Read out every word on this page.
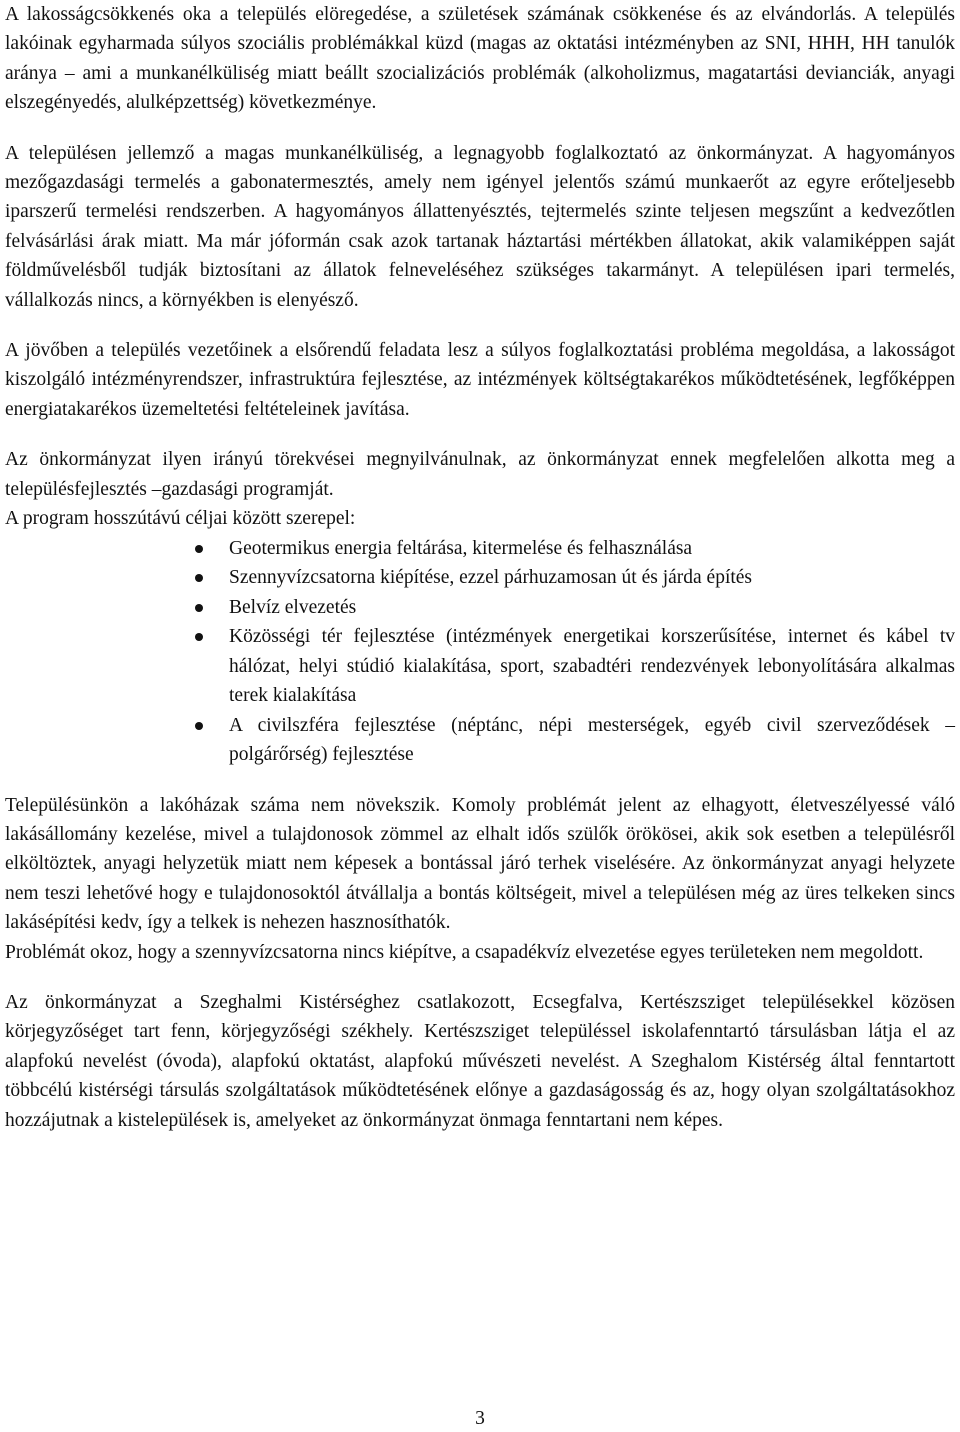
A lakosságcsökkenés oka a település elöregedése, a születések számának csökkenése és az elvándorlás. A település lakóinak egyharmada súlyos szociális problémákkal küzd (magas az oktatási intézményben az SNI, HHH, HH tanulók aránya – ami a munkanélküliség miatt beállt szocializációs problémák (alkoholizmus, magatartási devianciák, anyagi elszegényedés, alulképzettség) következménye.

A településen jellemző a magas munkanélküliség, a legnagyobb foglalkoztató az önkormányzat. A hagyományos mezőgazdasági termelés a gabonatermesztés, amely nem igényel jelentős számú munkaerőt az egyre erőteljesebb iparszerű termelési rendszerben. A hagyományos állattenyésztés, tejtermelés szinte teljesen megszűnt a kedvezőtlen felvásárlási árak miatt. Ma már jóformán csak azok tartanak háztartási mértékben állatokat, akik valamiképpen saját földművelésből tudják biztosítani az állatok felneveléséhez szükséges takarmányt. A településen ipari termelés, vállalkozás nincs, a környékben is elenyésző.

A jövőben a település vezetőinek a elsőrendű feladata lesz a súlyos foglalkoztatási probléma megoldása, a lakosságot kiszolgáló intézményrendszer, infrastruktúra fejlesztése, az intézmények költségtakarékos működtetésének, legfőképpen energiatakarékos üzemeltetési feltételeinek javítása.

Az önkormányzat ilyen irányú törekvései megnyilvánulnak, az önkormányzat ennek megfelelően alkotta meg a településfejlesztés –gazdasági programját.

A program hosszútávú céljai között szerepel:

Geotermikus energia feltárása, kitermelése és felhasználása
Szennyvízcsatorna kiépítése, ezzel párhuzamosan út és járda építés
Belvíz elvezetés
Közösségi tér fejlesztése (intézmények energetikai korszerűsítése, internet és kábel tv hálózat, helyi stúdió kialakítása, sport, szabadtéri rendezvények lebonyolítására alkalmas terek kialakítása
A civilszféra fejlesztése (néptánc, népi mesterségek, egyéb civil szerveződések – polgárőrség) fejlesztése

Településünkön a lakóházak száma nem növekszik. Komoly problémát jelent az elhagyott, életveszélyessé váló lakásállomány kezelése, mivel a tulajdonosok zömmel az elhalt idős szülők örökösei, akik sok esetben a településről elköltöztek, anyagi helyzetük miatt nem képesek a bontással járó terhek viselésére. Az önkormányzat anyagi helyzete nem teszi lehetővé hogy e tulajdonosoktól átvállalja a bontás költségeit, mivel a településen még az üres telkeken sincs lakásépítési kedv, így a telkek is nehezen hasznosíthatók.

Problémát okoz, hogy a szennyvízcsatorna nincs kiépítve, a csapadékvíz elvezetése egyes területeken nem megoldott.

Az önkormányzat a Szeghalmi Kistérséghez csatlakozott, Ecsegfalva, Kertészsziget településekkel közösen körjegyzőséget tart fenn, körjegyzőségi székhely. Kertészsziget településsel iskolafenntartó társulásban látja el az alapfokú nevelést (óvoda), alapfokú oktatást, alapfokú művészeti nevelést. A Szeghalom Kistérség által fenntartott többcélú kistérségi társulás szolgáltatások működtetésének előnye a gazdaságosság és az, hogy olyan szolgáltatásokhoz hozzájutnak a kistelepülések is, amelyeket az önkormányzat önmaga fenntartani nem képes.

3
